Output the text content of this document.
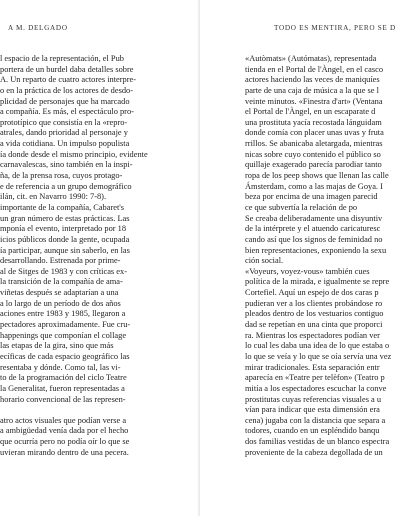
A M. DELGADO
l espacio de la representación, el Pub
portera de un burdel daba detalles sobre
A. Un reparto de cuatro actores interpre-
o en la práctica de los actores de desdo-
plicidad de personajes que ha marcado
a compañía. Es más, el espectáculo pro-
prototípico que consistía en la «repro-
atrales, dando prioridad al personaje y
a vida cotidiana. Un impulso populista
ía donde desde el mismo principio, evidente
carnavalescas, sino también en la inspi-
ña, de la prensa rosa, cuyos protago-
e de referencia a un grupo demográfico
ilán, cit. en Navarro 1990: 7-8).
importante de la compañía, Cabaret's
un gran número de estas prácticas. Las
mponía el evento, interpretado por 18
icios públicos donde la gente, ocupada
ía participar, aunque sin saberlo, en las
desarrollando. Estrenada por prime-
al de Sitges de 1983 y con críticas ex-
la transición de la compañía de ama-
viñetas después se adaptarían a una
a lo largo de un período de dos años
aciones entre 1983 y 1985, llegaron a
pectadores aproximadamente. Fue cru-
happenings que componían el collage
las etapas de la gira, sino que más
ecíficas de cada espacio geográfico las
resentaba y dónde. Como tal, las vi-
to de la programación del ciclo Teatre
la Generalitat, fueron representadas a
horario convencional de las represen-
atro actos visuales que podían verse a
a ambigüedad venía dada por el hecho
que ocurría pero no podía oír lo que se
uvieran mirando dentro de una pecera.
TODO ES MENTIRA, PERO SE D
«Autòmats» (Autómatas), representada
tienda en el Portal de l'Àngel, en el casco
actores haciendo las veces de maniquíes
parte de una caja de música a la que se l
veinte minutos. «Finestra d'art» (Ventana
el Portal de l'Àngel, en un escaparate d
una prostituta yacía recostada lánguidam
donde comía con placer unas uvas y fruta
rrillos. Se abanicaba aletargada, mientras
nicas sobre cuyo contenido el público so
quillaje exagerado parecía parodiar tanto
ropa de los peep shows que llenan las calle
Ámsterdam, como a las majas de Goya. I
beza por encima de una imagen parecid
ce que subvertía la relación de po
Se creaba deliberadamente una disyuntiv
de la intérprete y el atuendo caricaturesc
cando así que los signos de feminidad no
bien representaciones, exponiendo la sexu
ción social.
«Voyeurs, voyez-vous» también cues
política de la mirada, e igualmente se repre
Cortefiel. Aquí un espejo de dos caras p
pudieran ver a los clientes probándose ro
pleados dentro de los vestuarios contiguo
dad se repetían en una cinta que proporci
ra. Mientras los espectadores podían ver
lo cual les daba una idea de lo que estaba o
lo que se veía y lo que se oía servía una vez
mirar tradicionales. Esta separación entr
aparecía en «Teatre per telèfon» (Teatro p
mitía a los espectadores escuchar la conve
prostitutas cuyas referencias visuales a u
vían para indicar que esta dimensión era
cena) jugaba con la distancia que separa a
todores, cuando en un espléndido banqu
dos familias vestidas de un blanco espectra
proveniente de la cabeza degollada de un
